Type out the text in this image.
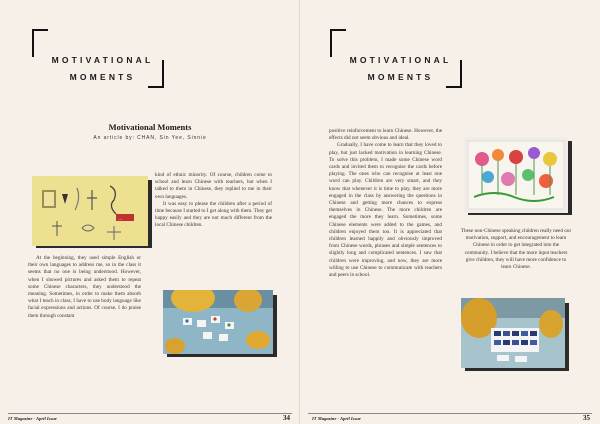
MOTIVATIONAL
MOMENTS
Motivational Moments
An article by: CHAN, Sin Yee, Sinnie
...

kind of ethnic minority. Of course, children come to school and learn Chinese with teachers, but when I talked to them in Chinese, they replied to me in their own languages.

It was easy to please the children after a period of time because I started to I get along with them. They get happy easily and they are not much different from the local Chinese children.

At the beginning, they used simple English or their own languages to address me, so in the class it seems that no one is being understood. However, when I showed pictures and asked them to repeat some Chinese characters, they understood the meaning. Sometimes, in order to make them absorb what I teach in class, I have to use body language like facial expressions and actions. Of course, I do praise them through constant

IT Magazine - April Issue	34
MOTIVATIONAL
MOMENTS

positive reinforcement to learn Chinese. However, the effects did not seem obvious and ideal.

Gradually, I have come to learn that they loved to play, but just lacked motivation in learning Chinese. To solve this problem, I made some Chinese word cards and invited them to recognise the cards before playing. The ones who can recognise at least one word can play. Children are very smart, and they know that whenever it is time to play, they are more engaged in the class by answering the questions in Chinese and getting more chances to express themselves in Chinese. The more children are engaged the more they learn. Sometimes, some Chinese elements were added to the games, and children enjoyed them too. It is appreciated that children learned happily and obviously improved from Chinese words, phrases and simple sentences to slightly long and complicated sentences. I saw that children were improving, and now, they are more willing to use Chinese to communicate with teachers and peers in school.

These non-Chinese speaking children really need our motivation, support, and encouragement to learn Chinese in order to get integrated into the community. I believe that the more input teachers give children, they will have more confidence to learn Chinese.

IT Magazine - April Issue	35
